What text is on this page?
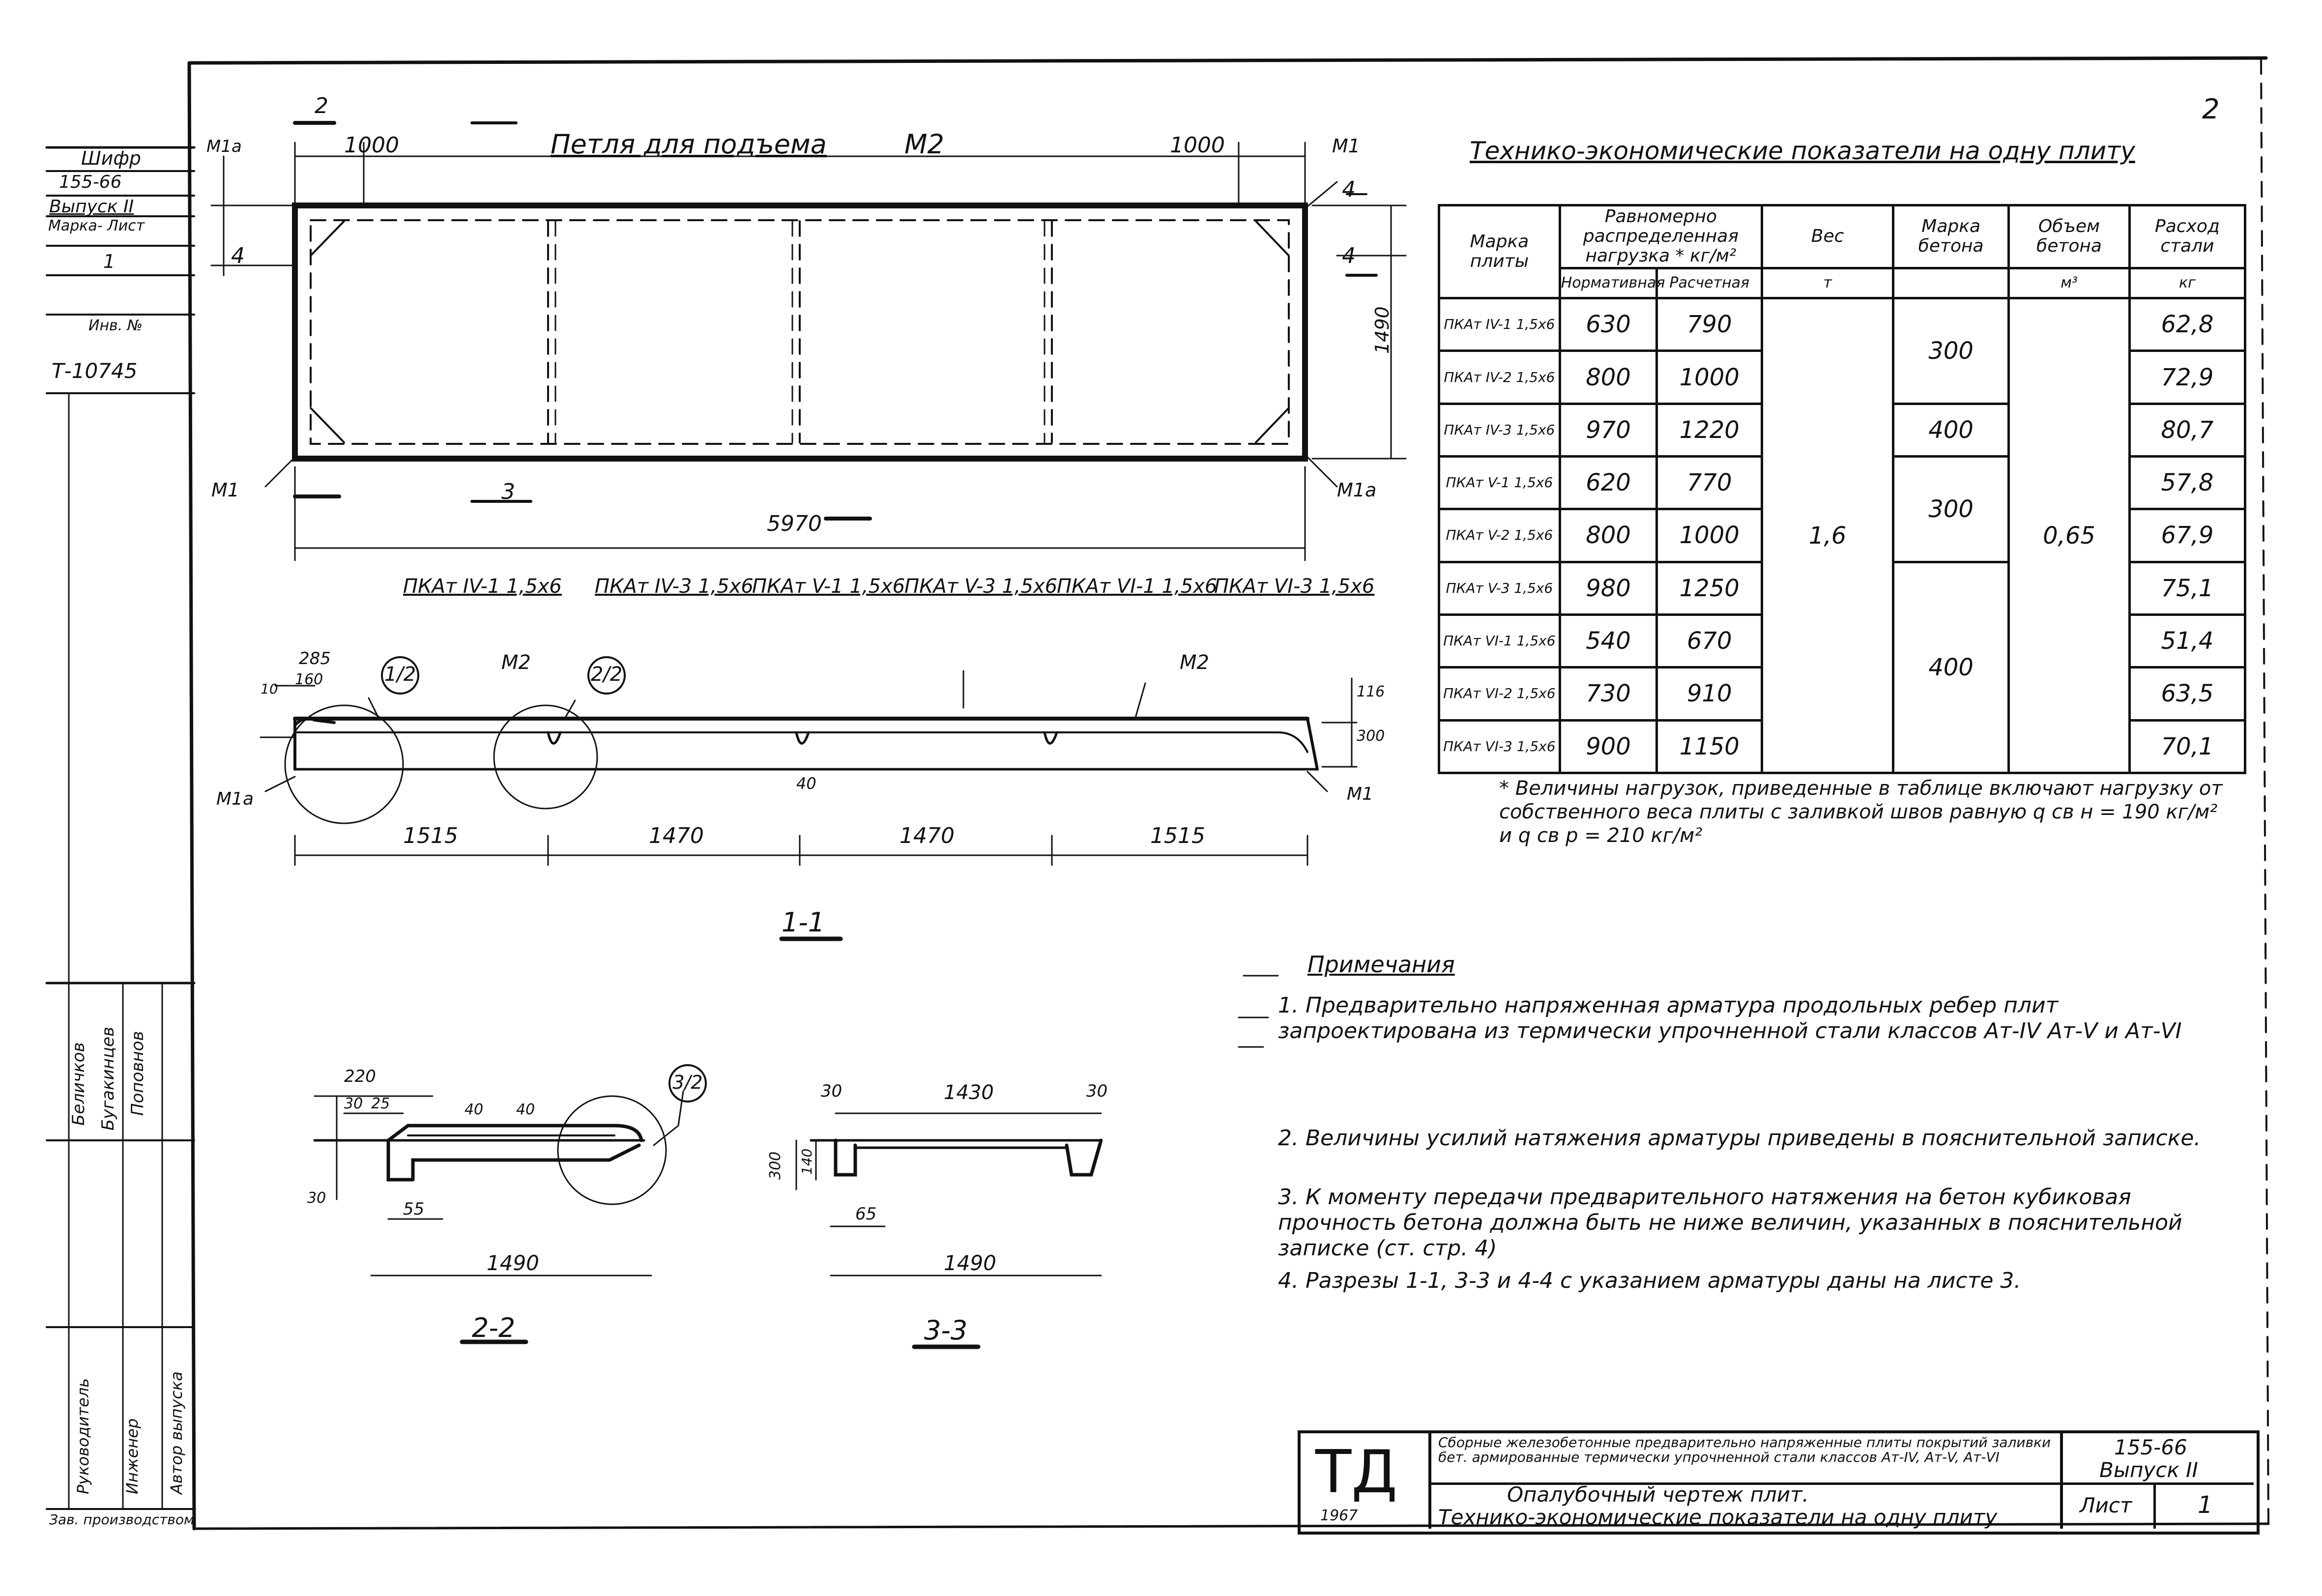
Шифр
155-66
Выпуск II
Марка- Лист
1
Инв. №
Т-10745
Беличков Бугакинцев Поповнов
Руководитель Инженер Автор выпуска
Зав. производством
2
1000	Петля для подъема	М2	1000	М1
4
4
4
М1а
М1	М1а
5970
1490
2
3
ПКАт IV-1 1,5х6 ПКАт IV-3 1,5х6
ПКАт V-1 1,5х6
ПКАт V-3 1,5х6
ПКАт VI-1 1,5х6
ПКАт VI-3 1,5х6
285
160
10
1/2
М2
2/2
М2
М1а	М1
40
116
300
1515	1470	1470	1515
1-1
220
30 25	40 40
30
55
1490
3/2
2-2
30	1430	30
300 140
65
1490
3-3
Технико-экономические показатели на одну плиту
Марка плиты	Равномерно распределенная нагрузка * кг/м²		Вес	Марка бетона	Объем бетона	Расход стали
	Нормативная	Расчетная	т		м³	кг
ПКАт IV-1 1,5х6	630	790	1,6	300	0,65	62,8
ПКАт IV-2 1,5х6	800	1000				72,9
ПКАт IV-3 1,5х6	970	1220		400		80,7
ПКАт V-1 1,5х6	620	770		300		57,8
ПКАт V-2 1,5х6	800	1000				67,9
ПКАт V-3 1,5х6	980	1250		400		75,1
ПКАт VI-1 1,5х6	540	670				51,4
ПКАт VI-2 1,5х6	730	910				63,5
ПКАт VI-3 1,5х6	900	1150				70,1
* Величины нагрузок, приведенные в таблице включают нагрузку от собственного веса плиты с заливкой швов равную q св н = 190 кг/м² и q св р = 210 кг/м²
Примечания
1. Предварительно напряженная арматура продольных ребер плит запроектирована из термически упрочненной стали классов Ат-IV Ат-V и Ат-VI
2. Величины усилий натяжения арматуры приведены в пояснительной записке.
3. К моменту передачи предварительного натяжения на бетон кубиковая прочность бетона должна быть не ниже величин, указанных в пояснительной записке (ст. стр. 4)
4. Разрезы 1-1, 3-3 и 4-4 с указанием арматуры даны на листе 3.
ТД
1967
Сборные железобетонные предварительно напряженные плиты покрытий заливки бет. армированные термически упрочненной стали классов Ат-IV, Ат-V, Ат-VI	155-66
Выпуск II
Опалубочный чертеж плит.
Технико-экономические показатели на одну плиту	Лист	1
